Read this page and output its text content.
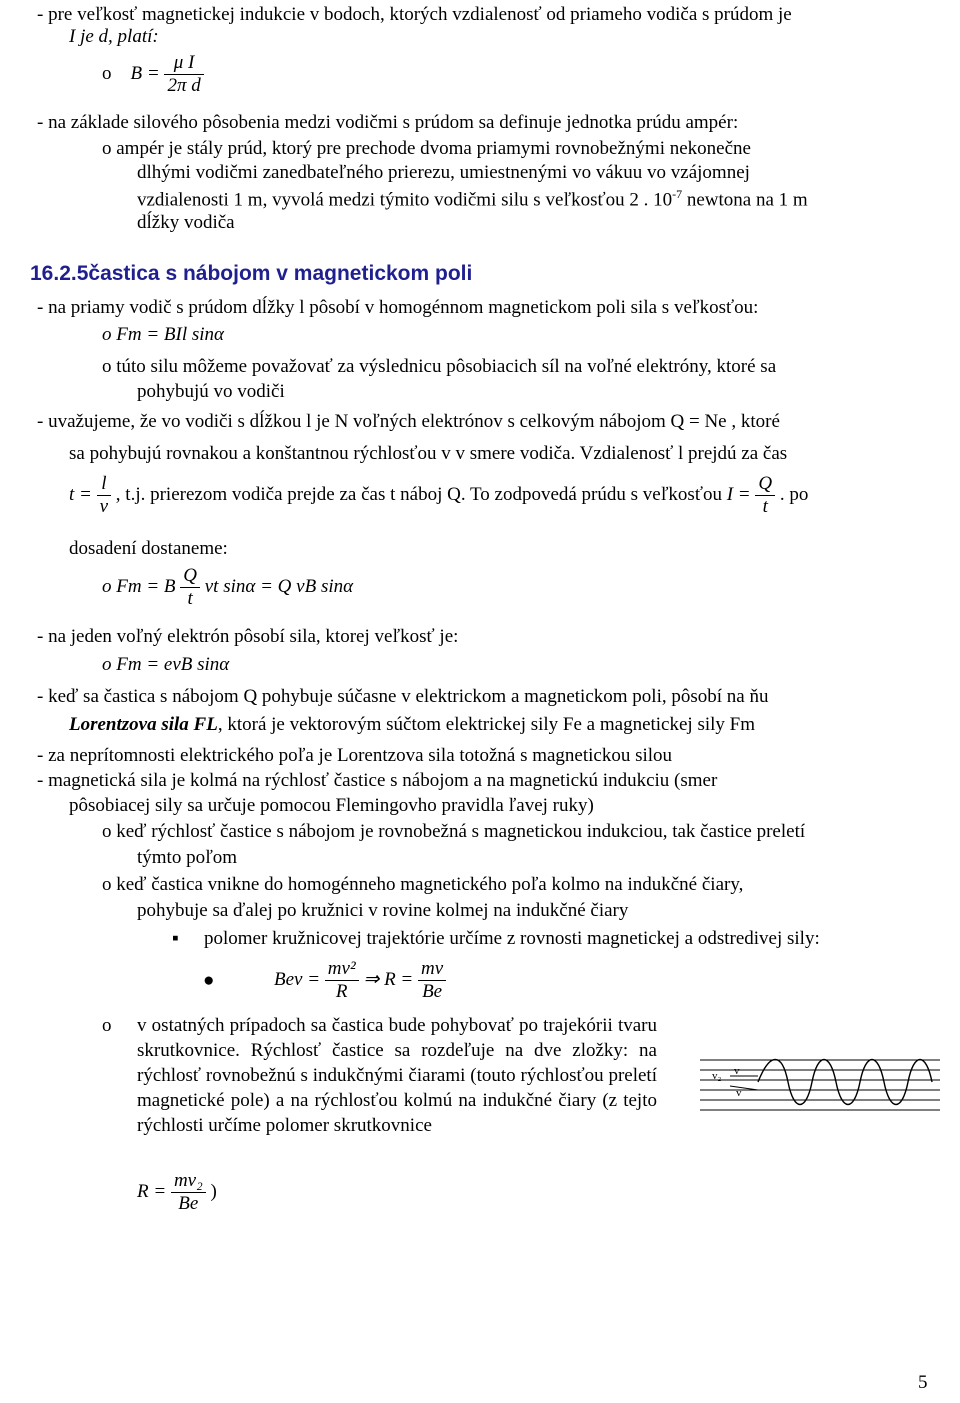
- pre veľkosť magnetickej indukcie v bodoch, ktorých vzdialenosť od priameho vodiča s prúdom je
I je d, platí:
o    $B = \frac{\text{μ I}}{\text{2π d}}$
- na základe silového pôsobenia medzi vodičmi s prúdom sa definuje jednotka prúdu ampér:
o ampér je stály prúd, ktorý pre prechode dvoma priamymi rovnobežnými nekonečne
dlhými vodičmi zanedbateľného prierezu, umiestnenými vo vákuu vo vzájomnej
vzdialenosti 1 m, vyvolá medzi týmito vodičmi silu s veľkosťou 2 . $10^{-7}$ newtona na 1 m
dĺžky vodiča
16.2.5častica s nábojom v magnetickom poli
- na priamy vodič s prúdom dĺžky l pôsobí v homogénnom magnetickom poli sila s veľkosťou:
o Fm = BIl sinα
o túto silu môžeme považovať za výslednicu pôsobiacich síl na voľné elektróny, ktoré sa
pohybujú vo vodiči
- uvažujeme, že vo vodiči s dĺžkou l je N voľných elektrónov s celkovým nábojom Q = Ne , ktoré
sa pohybujú rovnakou a konštantnou rýchlosťou v v smere vodiča. Vzdialenosť l prejdú za čas
$t = \frac{l}{v}$ , t.j. prierezom vodiča prejde za čas t náboj Q. To zodpovedá prúdu s veľkosťou $I = \frac{Q}{t}$ . po
dosadení dostaneme:
o Fm = B $\frac{Q}{t}$ vt sinα = Q vB sinα
- na jeden voľný elektrón pôsobí sila, ktorej veľkosť je:
o Fm = evB sinα
- keď sa častica s nábojom Q pohybuje súčasne v elektrickom a magnetickom poli, pôsobí na ňu
Lorentzova sila FL, ktorá je vektorovým súčtom elektrickej sily Fe a magnetickej sily Fm
- za neprítomnosti elektrického poľa je Lorentzova sila totožná s magnetickou silou
- magnetická sila je kolmá na rýchlosť častice s nábojom a na magnetickú indukciu (smer
pôsobiacej sily sa určuje pomocou Flemingovho pravidla ľavej ruky)
o keď rýchlosť častice s nábojom je rovnobežná s magnetickou indukciou, tak častice preletí
týmto poľom
o keď častica vnikne do homogénneho magnetického poľa kolmo na indukčné čiary,
pohybuje sa ďalej po kružnici v rovine kolmej na indukčné čiary
▪ polomer kružnicovej trajektórie určíme z rovnosti magnetickej a odstredivej sily:
●	Bev = $\frac{\text{mv²}}{R}$ ⇒ $R = \frac{mv}{Be}$
o v ostatných prípadoch sa častica bude pohybovať po trajekórii tvaru skrutkovnice. Rýchlosť častice sa rozdeľuje na dve zložky: na rýchlosť rovnobežnú s indukčnými čiarami (touto rýchlosťou preletí magnetické pole) a na rýchlosťou kolmú na indukčné čiary (z tejto rýchlosti určíme polomer skrutkovnice
$R = \frac{\text{mv₂}}{Be}$ )
v₂ v
v
5
